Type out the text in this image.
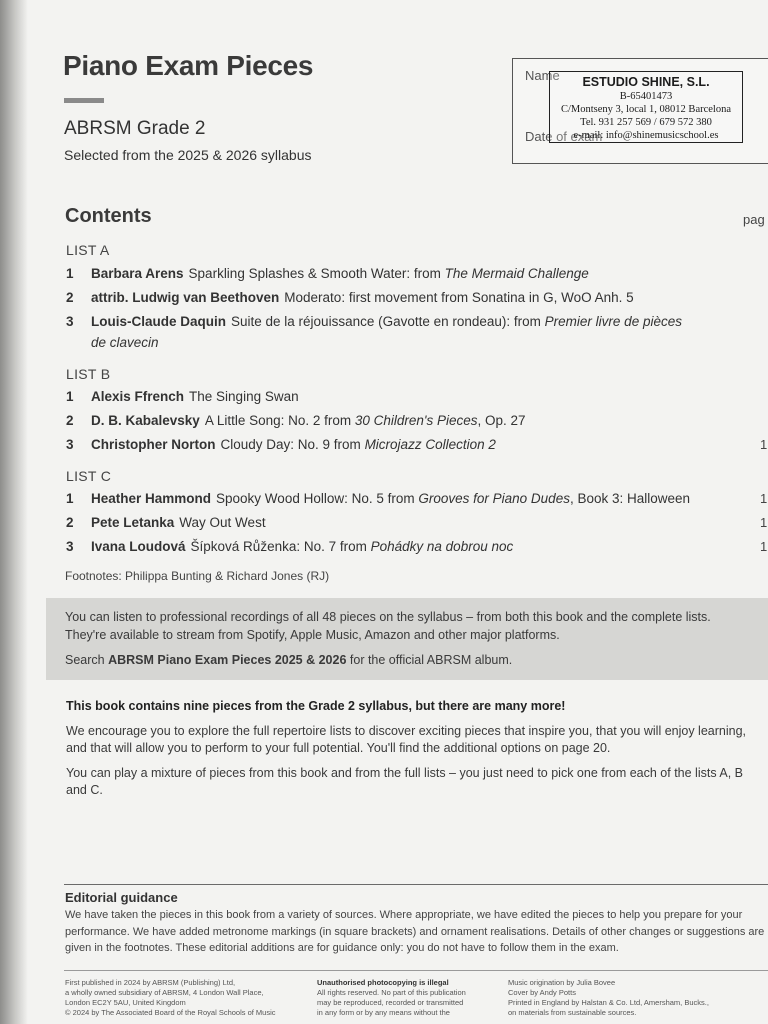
Piano Exam Pieces
ABRSM Grade 2
Selected from the 2025 & 2026 syllabus
Name
Date of exam
ESTUDIO SHINE, S.L.
B-65401473
C/Montseny 3, local 1, 08012 Barcelona
Tel. 931 257 569 / 679 572 380
e-mail: info@shinemusicschool.es
Contents	pag
LIST A
1 Barbara Arens Sparkling Splashes & Smooth Water: from The Mermaid Challenge
2 attrib. Ludwig van Beethoven Moderato: first movement from Sonatina in G, WoO Anh. 5
3 Louis-Claude Daquin Suite de la réjouissance (Gavotte en rondeau): from Premier livre de pièces
de clavecin
LIST B
1 Alexis Ffrench The Singing Swan
2 D. B. Kabalevsky A Little Song: No. 2 from 30 Children's Pieces, Op. 27
3 Christopher Norton Cloudy Day: No. 9 from Microjazz Collection 2	1
LIST C
1 Heather Hammond Spooky Wood Hollow: No. 5 from Grooves for Piano Dudes, Book 3: Halloween	1
2 Pete Letanka Way Out West	1
3 Ivana Loudová Šípková Růženka: No. 7 from Pohádky na dobrou noc	1
Footnotes: Philippa Bunting & Richard Jones (RJ)
You can listen to professional recordings of all 48 pieces on the syllabus – from both this book and the complete lists.
They're available to stream from Spotify, Apple Music, Amazon and other major platforms.
Search ABRSM Piano Exam Pieces 2025 & 2026 for the official ABRSM album.
This book contains nine pieces from the Grade 2 syllabus, but there are many more!
We encourage you to explore the full repertoire lists to discover exciting pieces that inspire you, that you will enjoy learning, and that will allow you to perform to your full potential. You'll find the additional options on page 20.
You can play a mixture of pieces from this book and from the full lists – you just need to pick one from each of the lists A, B and C.
Editorial guidance
We have taken the pieces in this book from a variety of sources. Where appropriate, we have edited the pieces to help you prepare for your performance. We have added metronome markings (in square brackets) and ornament realisations. Details of other changes or suggestions are given in the footnotes. These editorial additions are for guidance only: you do not have to follow them in the exam.
First published in 2024 by ABRSM (Publishing) Ltd,
a wholly owned subsidiary of ABRSM, 4 London Wall Place,
London EC2Y 5AU, United Kingdom
© 2024 by The Associated Board of the Royal Schools of Music
Unauthorised photocopying is illegal
All rights reserved. No part of this publication
may be reproduced, recorded or transmitted
in any form or by any means without the
Music origination by Julia Bovee
Cover by Andy Potts
Printed in England by Halstan & Co. Ltd, Amersham, Bucks.,
on materials from sustainable sources.
